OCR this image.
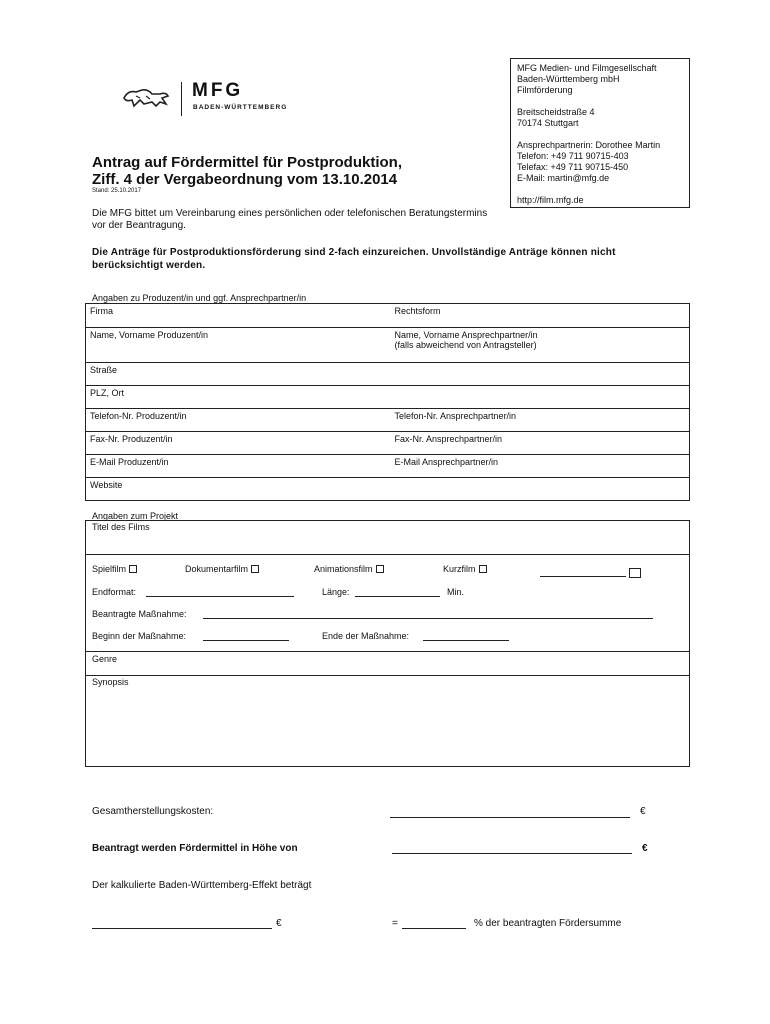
MFG Medien- und Filmgesellschaft
Baden-Württemberg mbH
Filmförderung
Breitscheidstraße 4
70174 Stuttgart
Ansprechpartnerin: Dorothee Martin
Telefon: +49 711 90715-403
Telefax: +49 711 90715-450
E-Mail: martin@mfg.de
http://film.mfg.de
MFG
BADEN-WÜRTTEMBERG
Antrag auf Fördermittel für Postproduktion,
Ziff. 4 der Vergabeordnung vom 13.10.2014
Stand: 25.10.2017
Die MFG bittet um Vereinbarung eines persönlichen oder telefonischen Beratungstermins vor der Beantragung.
Die Anträge für Postproduktionsförderung sind 2-fach einzureichen. Unvollständige Anträge können nicht berücksichtigt werden.
Angaben zu Produzent/in und ggf. Ansprechpartner/in
Firma	Rechtsform
Name, Vorname Produzent/in	Name, Vorname Ansprechpartner/in
(falls abweichend von Antragsteller)

Straße	
PLZ, Ort	
Telefon-Nr. Produzent/in	Telefon-Nr. Ansprechpartner/in
Fax-Nr. Produzent/in	Fax-Nr. Ansprechpartner/in
E-Mail Produzent/in	E-Mail Ansprechpartner/in
Website	
Angaben zum Projekt
Titel des Films
Spielfilm	Dokumentarfilm	Animationsfilm	Kurzfilm
Endformat:	Länge:	Min.
Beantragte Maßnahme:
Beginn der Maßnahme:	Ende der Maßnahme:
Genre
Synopsis
Gesamtherstellungskosten:	€
Beantragt werden Fördermittel in Höhe von	€
Der kalkulierte Baden-Württemberg-Effekt beträgt
€	=	% der beantragten Fördersumme
